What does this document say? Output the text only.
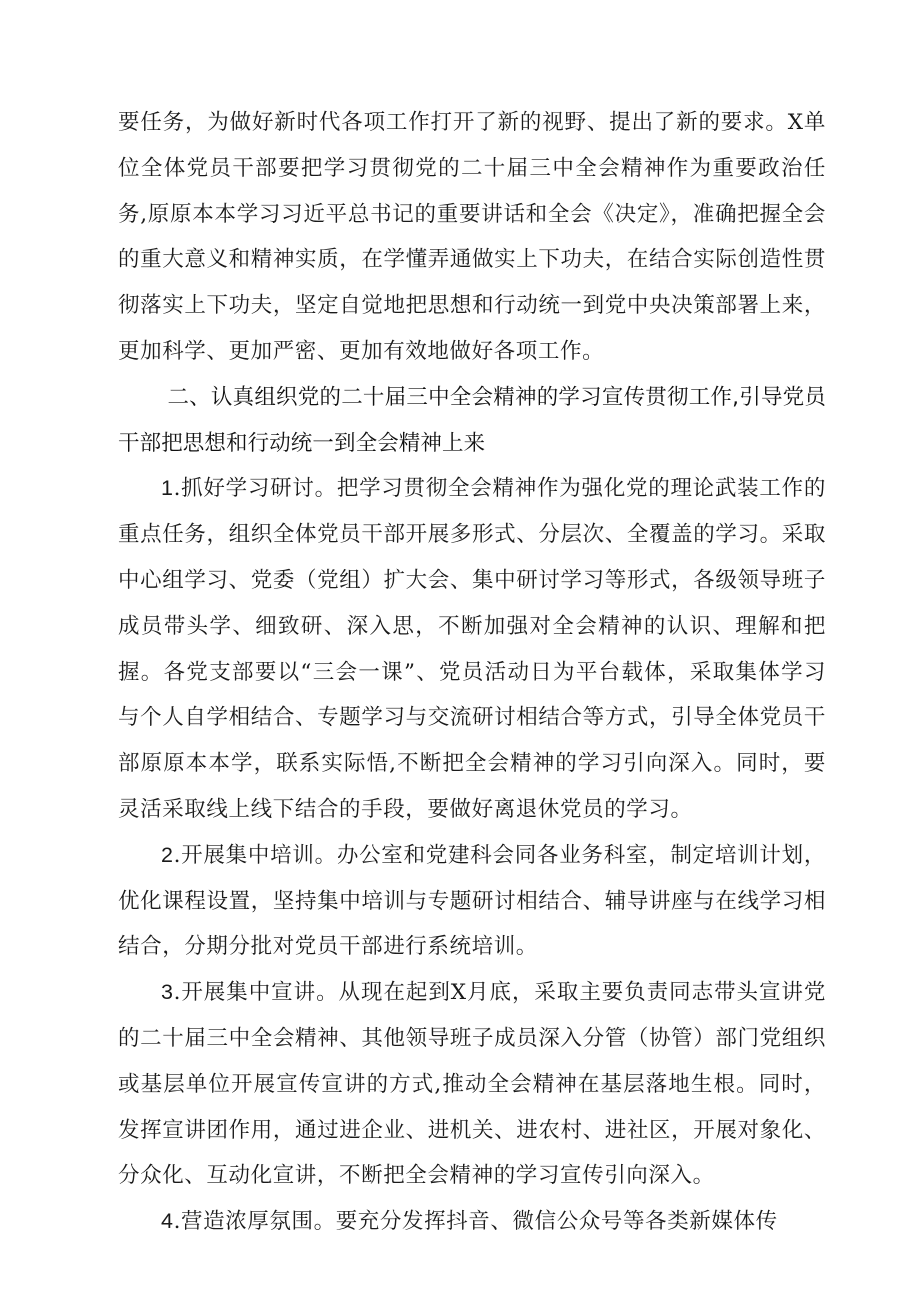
要任务，为做好新时代各项工作打开了新的视野、提出了新的要求。X单位全体党员干部要把学习贯彻党的二十届三中全会精神作为重要政治任务,原原本本学习习近平总书记的重要讲话和全会《决定》，准确把握全会的重大意义和精神实质，在学懂弄通做实上下功夫，在结合实际创造性贯彻落实上下功夫，坚定自觉地把思想和行动统一到党中央决策部署上来，更加科学、更加严密、更加有效地做好各项工作。

二、认真组织党的二十届三中全会精神的学习宣传贯彻工作,引导党员干部把思想和行动统一到全会精神上来

1.抓好学习研讨。把学习贯彻全会精神作为强化党的理论武装工作的重点任务，组织全体党员干部开展多形式、分层次、全覆盖的学习。采取中心组学习、党委（党组）扩大会、集中研讨学习等形式，各级领导班子成员带头学、细致研、深入思，不断加强对全会精神的认识、理解和把握。各党支部要以“三会一课”、党员活动日为平台载体，采取集体学习与个人自学相结合、专题学习与交流研讨相结合等方式，引导全体党员干部原原本本学，联系实际悟,不断把全会精神的学习引向深入。同时，要灵活采取线上线下结合的手段，要做好离退休党员的学习。

2.开展集中培训。办公室和党建科会同各业务科室，制定培训计划，优化课程设置，坚持集中培训与专题研讨相结合、辅导讲座与在线学习相结合，分期分批对党员干部进行系统培训。

3.开展集中宣讲。从现在起到X月底，采取主要负责同志带头宣讲党的二十届三中全会精神、其他领导班子成员深入分管（协管）部门党组织或基层单位开展宣传宣讲的方式,推动全会精神在基层落地生根。同时，发挥宣讲团作用，通过进企业、进机关、进农村、进社区，开展对象化、分众化、互动化宣讲，不断把全会精神的学习宣传引向深入。

4.营造浓厚氛围。要充分发挥抖音、微信公众号等各类新媒体传
